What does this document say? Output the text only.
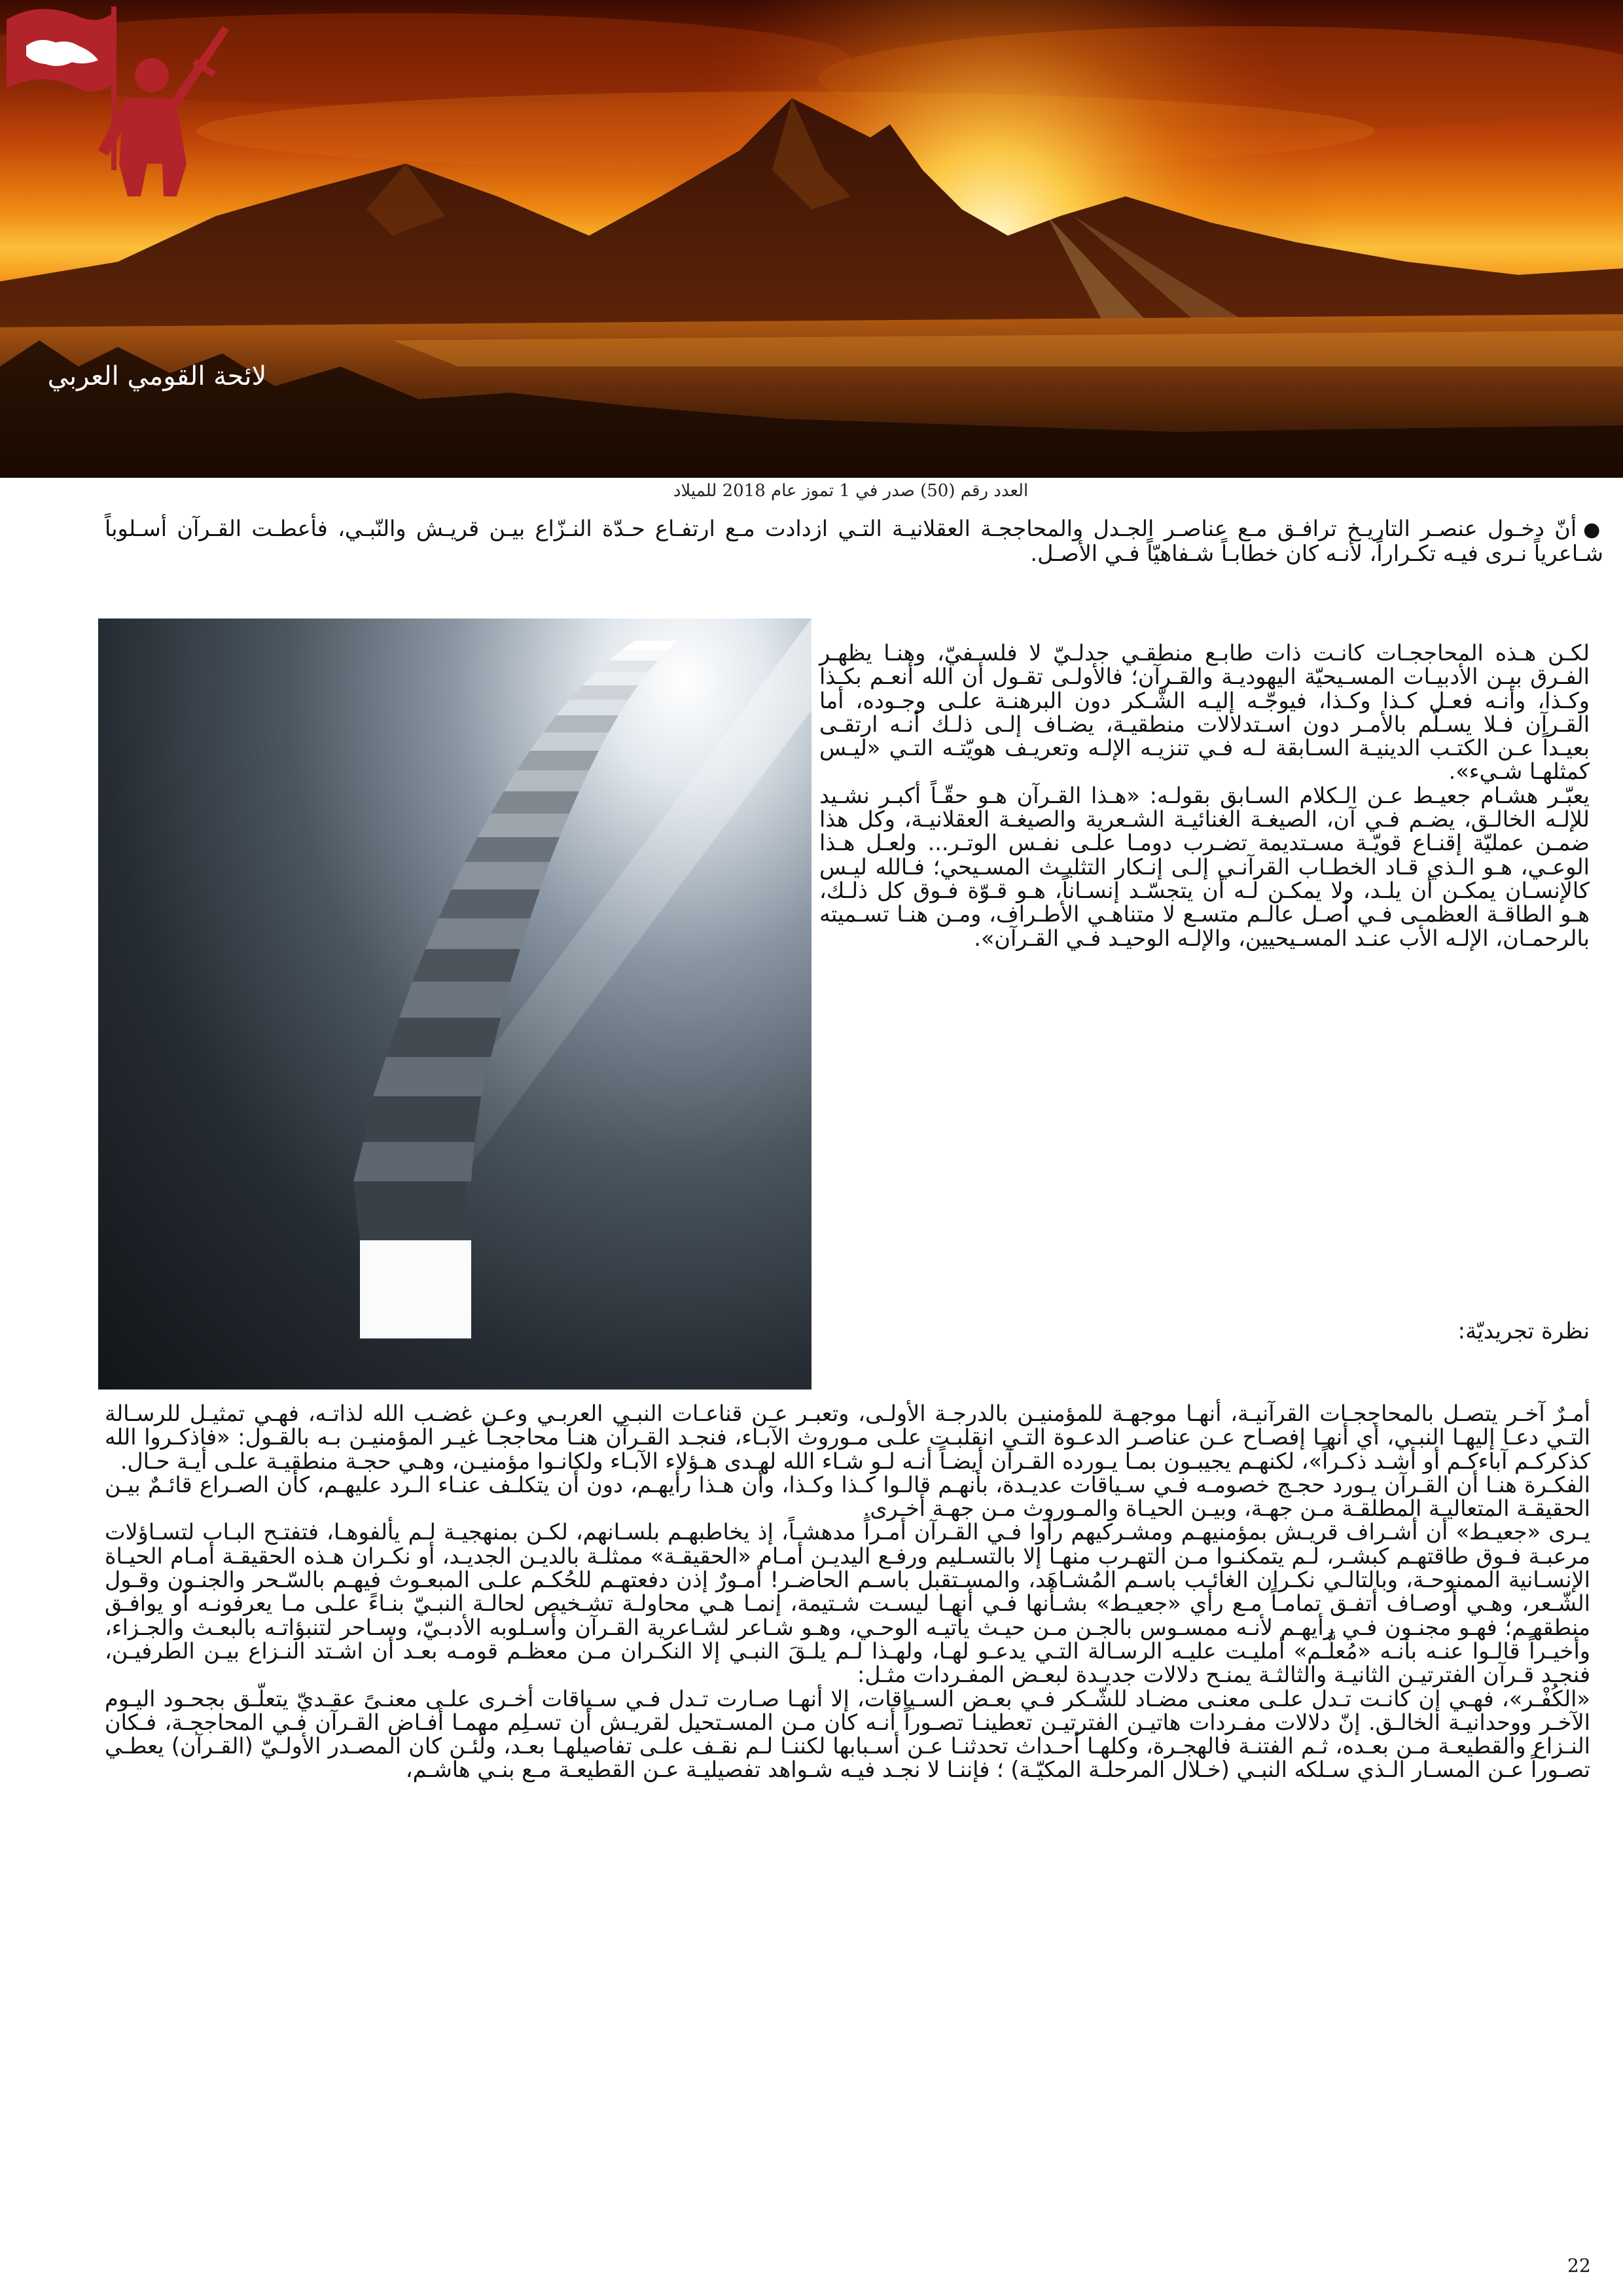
لائحة القومي العربي
العدد رقم (50) صدر في 1 تموز عام 2018 للميلاد
●أنّ دخـول عنصـر التاريـخ ترافـق مـع عناصـر الجـدل والمحاججـة العقلانيـة التـي ازدادت مـع ارتفـاع حـدّة النـزّاع بيـن قريـش والنّبـي، فأعطـت القـرآن أسـلوباً شـاعرياً نـرى فيـه تكـراراً، لأنـه كان خطابـاً شـفاهيّاً فـي الأصـل.

لكـن هـذه المحاججـات كانـت ذات طابـع منطقـي جدلـيّ لا فلسـفيّ، وهنـا يظهـر الفـرق بيـن الأدبيـات المسـيحيّة اليهوديـة والقـرآن؛ فالأولـى تقـول أن الله أنعـم بكـذا وكـذا، وأنـه فعـل كـذا وكـذا، فيوجّـه إليـه الشّـكر دون البرهنـة علـى وجـوده، أما القـرآن فـلا يسـلّم بالأمـر دون اسـتدلالات منطقيـة، يضـاف إلـى ذلـك أنـه ارتقـى بعيـداً عـن الكتـب الدينيـة السـابقة لـه فـي تنزيـه الإلـه وتعريـف هويّتـه التـي «ليـس كمثلهـا شـيء».

يعبّـر هشـام جعيـط عـن الـكلام السـابق بقولـه: «هـذا القـرآن هـو حقّـاً أكبـر نشـيد للإلـه الخالـق، يضـم فـي آن، الصيغـة الغنائيـة الشـعرية والصيغـة العقلانيـة، وكل هذا ضمـن عمليّة إقنـاع قويّـة مسـتديمة تضـرب دومـا علـى نفـس الوتـر... ولعـل هـذا الوعـي، هـو الـذي قـاد الخطـاب القرآنـي إلـى إنـكار التثليـث المسـيحي؛ فـالله ليـس كالإنسـان يمكـن أن يلـد، ولا يمكـن لـه أن يتجسّـد إنسـاناً، هـو قـوّة فـوق كل ذلـك، هـو الطاقـة العظمـى فـي أصـل عالـم متسـع لا متناهـي الأطـراف، ومـن هنـا تسـميته بالرحمـان، الإلـه الأب عنـد المسـيحيين، والإلـه الوحيـد فـي القـرآن».

نظرة تجريديّة:

أمـرٌ آخـر يتصـل بالمحاججـات القرآنيـة، أنهـا موجهـة للمؤمنيـن بالدرجـة الأولـى، وتعبـر عـن قناعـات النبـي العربـي وعـن غضـب الله لذاتـه، فهـي تمثيـل للرسـالة التـي دعـا إليهـا النبـي، أي أنهـا إفصـاح عـن عناصـر الدعـوة التـي انقلبـت علـى مـوروث الآبـاء، فنجـد القـرآن هنـا محاججـاً غيـر المؤمنيـن بـه بالقـول: «فاذكـروا الله كذكركـم آباءكـم أو أشـد ذكـراً»، لكنهـم يجيبـون بمـا يـورده القـرآن أيضـاً أنـه لـو شـاء الله لهـدى هـؤلاء الآبـاء ولكانـوا مؤمنيـن، وهـي حجـة منطقيـة علـى أيـة حـال.

الفكـرة هنـا أن القـرآن يـورد حجـج خصومـه فـي سـياقات عديـدة، بأنهـم قالـوا كـذا وكـذا، وأن هـذا رأيهـم، دون أن يتكلـف عنـاء الـرد عليهـم، كأن الصـراع قائـمٌ بيـن الحقيقـة المتعاليـة المطلقـة مـن جهـة، وبيـن الحيـاة والمـوروث مـن جهـة أخـرى.

يـرى «جعيـط» أن أشـراف قريـش بمؤمنيهـم ومشـركيهم رأوا فـي القـرآن أمـراً مدهشـاً، إذ يخاطبهـم بلسـانهم، لكـن بمنهجيـة لـم يألفوهـا، فتفتـح البـاب لتسـاؤلات مرعبـة فـوق طاقتهـم كبشـر، لـم يتمكنـوا مـن التهـرب منهـا إلا بالتسـليم ورفـع اليديـن أمـام «الحقيقـة» ممثلـة بالديـن الجديـد، أو نكـران هـذه الحقيقـة أمـام الحيـاة الإنسـانية الممنوحـة، وبالتالـي نكـران الغائـب باسـم المُشـاهَد، والمسـتقبل باسـم الحاضـر! أمـورٌ إذن دفعتهـم للحُكـم علـى المبعـوث فيهـم بالسّـحر والجنـون وقـول الشّـعر، وهـي أوصـاف أتفـق تمامـاً مـع رأي «جعيـط» بشـأنها فـي أنهـا ليسـت شـتيمة، إنمـا هـي محاولـة تشـخيص لحالـة النبـيّ بنـاءً علـى مـا يعرفونـه أو يوافـق منطقهـم؛ فهـو مجنـون فـي رأيهـم لأنـه ممسـوس بالجـن مـن حيـث يأتيـه الوحـي، وهـو شـاعر لشـاعرية القـرآن وأسـلوبه الأدبـيّ، وسـاحر لتنبؤاتـه بالبعـث والجـزاء، وأخيـراً قالـوا عنـه بأنـه «مُعلَّـم» أمليـت عليـه الرسـالة التـي يدعـو لهـا، ولهـذا لـم يلـقَ النبـي إلا النكـران مـن معظـم قومـه بعـد أن اشـتد النـزاع بيـن الطرفيـن، فنجـد قـرآن الفترتيـن الثانيـة والثالثـة يمنـح دلالات جديـدة لبعـض المفـردات مثـل:

«الكُفْـر»، فهـي إن كانـت تـدل علـى معنـى مضـاد للشّـكر فـي بعـض السـياقات، إلا أنهـا صـارت تـدل فـي سـياقات أخـرى علـى معنـىً عقـديّ يتعلّـق بجحـود اليـوم الآخـر ووحدانيـة الخالـق. إنّ دلالات مفـردات هاتيـن الفترتيـن تعطينـا تصـوراً أنـه كان مـن المسـتحيل لقريـش أن تسـلِم مهمـا أفـاض القـرآن فـي المحاججـة، فـكان النـزاع والقطيعـة مـن بعـده، ثـم الفتنـة فالهجـرة، وكلهـا أحـداث تحدثنـا عـن أسـبابها لكننـا لـم نقـف علـى تفاصيلهـا بعـد، ولَئـن كان المصـدر الأولـيّ (القـرآن) يعطـي تصـوراً عـن المسـار الـذي سـلكه النبـي (خـلال المرحلـة المكيّـة) ؛ فإننـا لا نجـد فيـه شـواهد تفصيليـة عـن القطيعـة مـع بنـي هاشـم،

22
